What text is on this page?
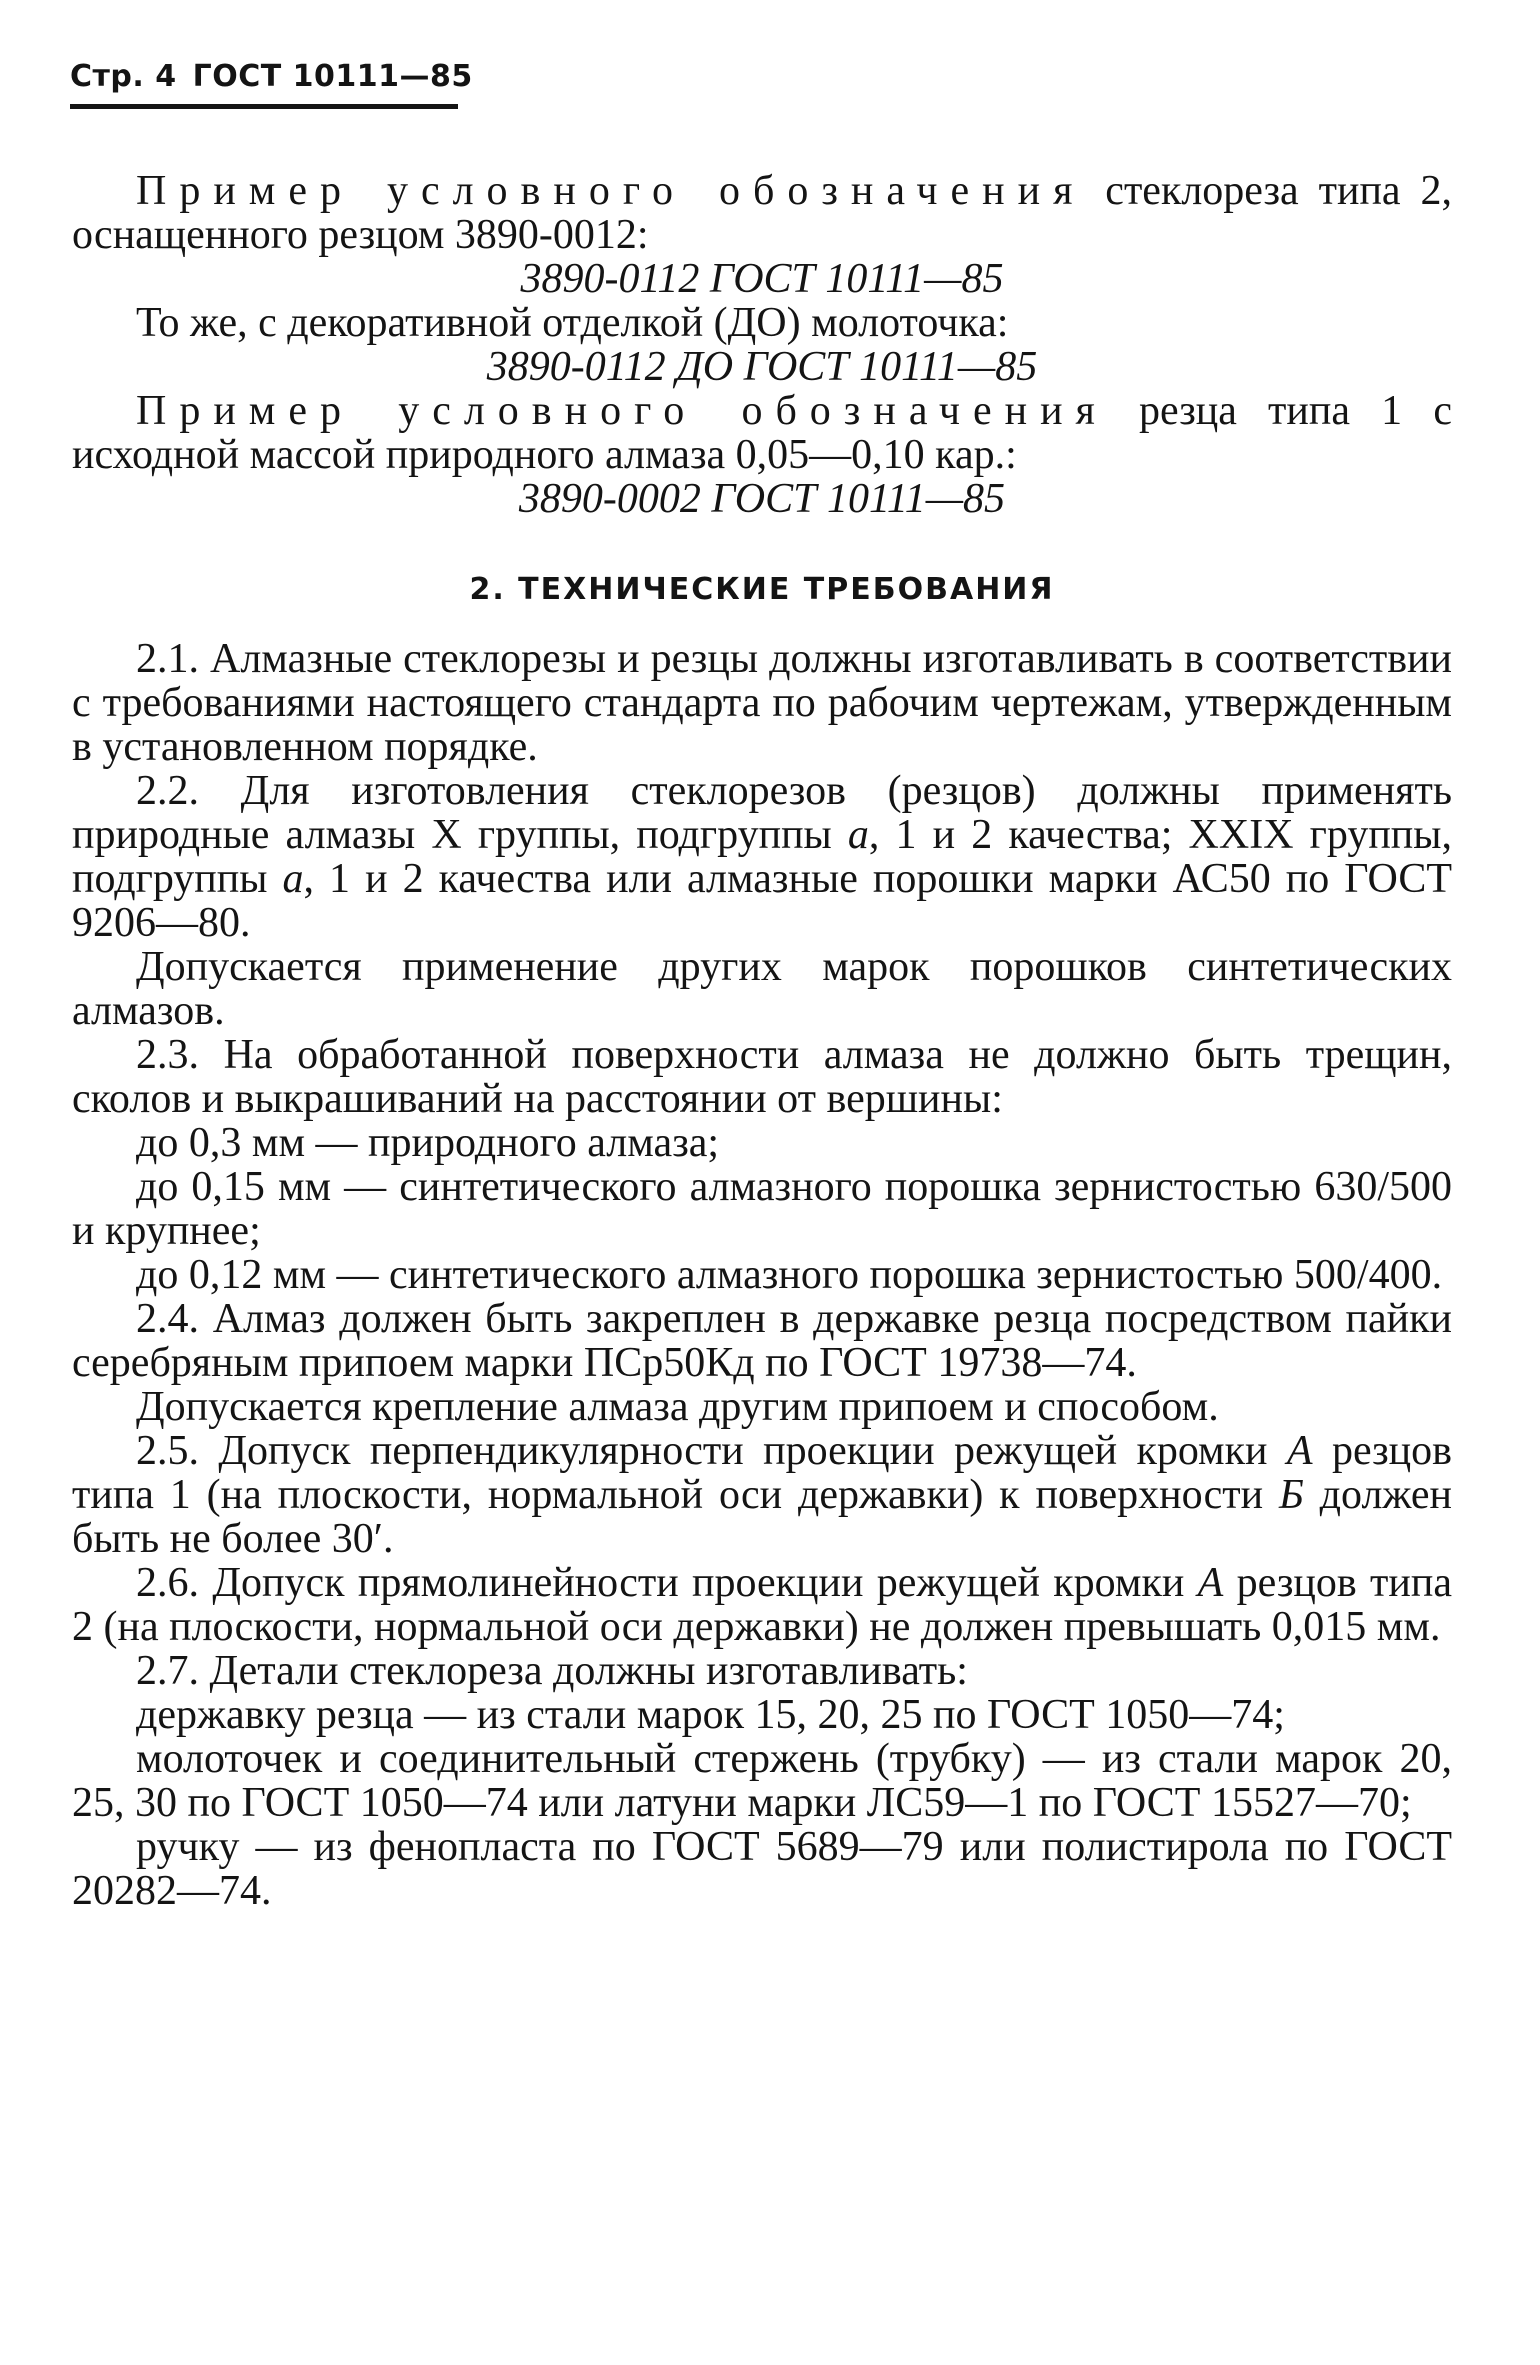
Стр. 4 ГОСТ 10111—85

Пример условного обозначения стеклореза типа 2, оснащенного резцом 3890-0012:

3890-0112 ГОСТ 10111—85

То же, с декоративной отделкой (ДО) молоточка:

3890-0112 ДО ГОСТ 10111—85

Пример условного обозначения резца типа 1 с исходной массой природного алмаза 0,05—0,10 кар.:

3890-0002 ГОСТ 10111—85

2. ТЕХНИЧЕСКИЕ ТРЕБОВАНИЯ

2.1. Алмазные стеклорезы и резцы должны изготавливать в соответствии с требованиями настоящего стандарта по рабочим чертежам, утвержденным в установленном порядке.

2.2. Для изготовления стеклорезов (резцов) должны применять природные алмазы X группы, подгруппы а, 1 и 2 качества; XXIX группы, подгруппы а, 1 и 2 качества или алмазные порошки марки АС50 по ГОСТ 9206—80.

Допускается применение других марок порошков синтетических алмазов.

2.3. На обработанной поверхности алмаза не должно быть трещин, сколов и выкрашиваний на расстоянии от вершины:

до 0,3 мм — природного алмаза;

до 0,15 мм — синтетического алмазного порошка зернистостью 630/500 и крупнее;

до 0,12 мм — синтетического алмазного порошка зернистостью 500/400.

2.4. Алмаз должен быть закреплен в державке резца посредством пайки серебряным припоем марки ПСр50Кд по ГОСТ 19738—74.

Допускается крепление алмаза другим припоем и способом.

2.5. Допуск перпендикулярности проекции режущей кромки А резцов типа 1 (на плоскости, нормальной оси державки) к поверхности Б должен быть не более 30′.

2.6. Допуск прямолинейности проекции режущей кромки А резцов типа 2 (на плоскости, нормальной оси державки) не должен превышать 0,015 мм.

2.7. Детали стеклореза должны изготавливать:

державку резца — из стали марок 15, 20, 25 по ГОСТ 1050—74;

молоточек и соединительный стержень (трубку) — из стали марок 20, 25, 30 по ГОСТ 1050—74 или латуни марки ЛС59—1 по ГОСТ 15527—70;

ручку — из фенопласта по ГОСТ 5689—79 или полистирола по ГОСТ 20282—74.
